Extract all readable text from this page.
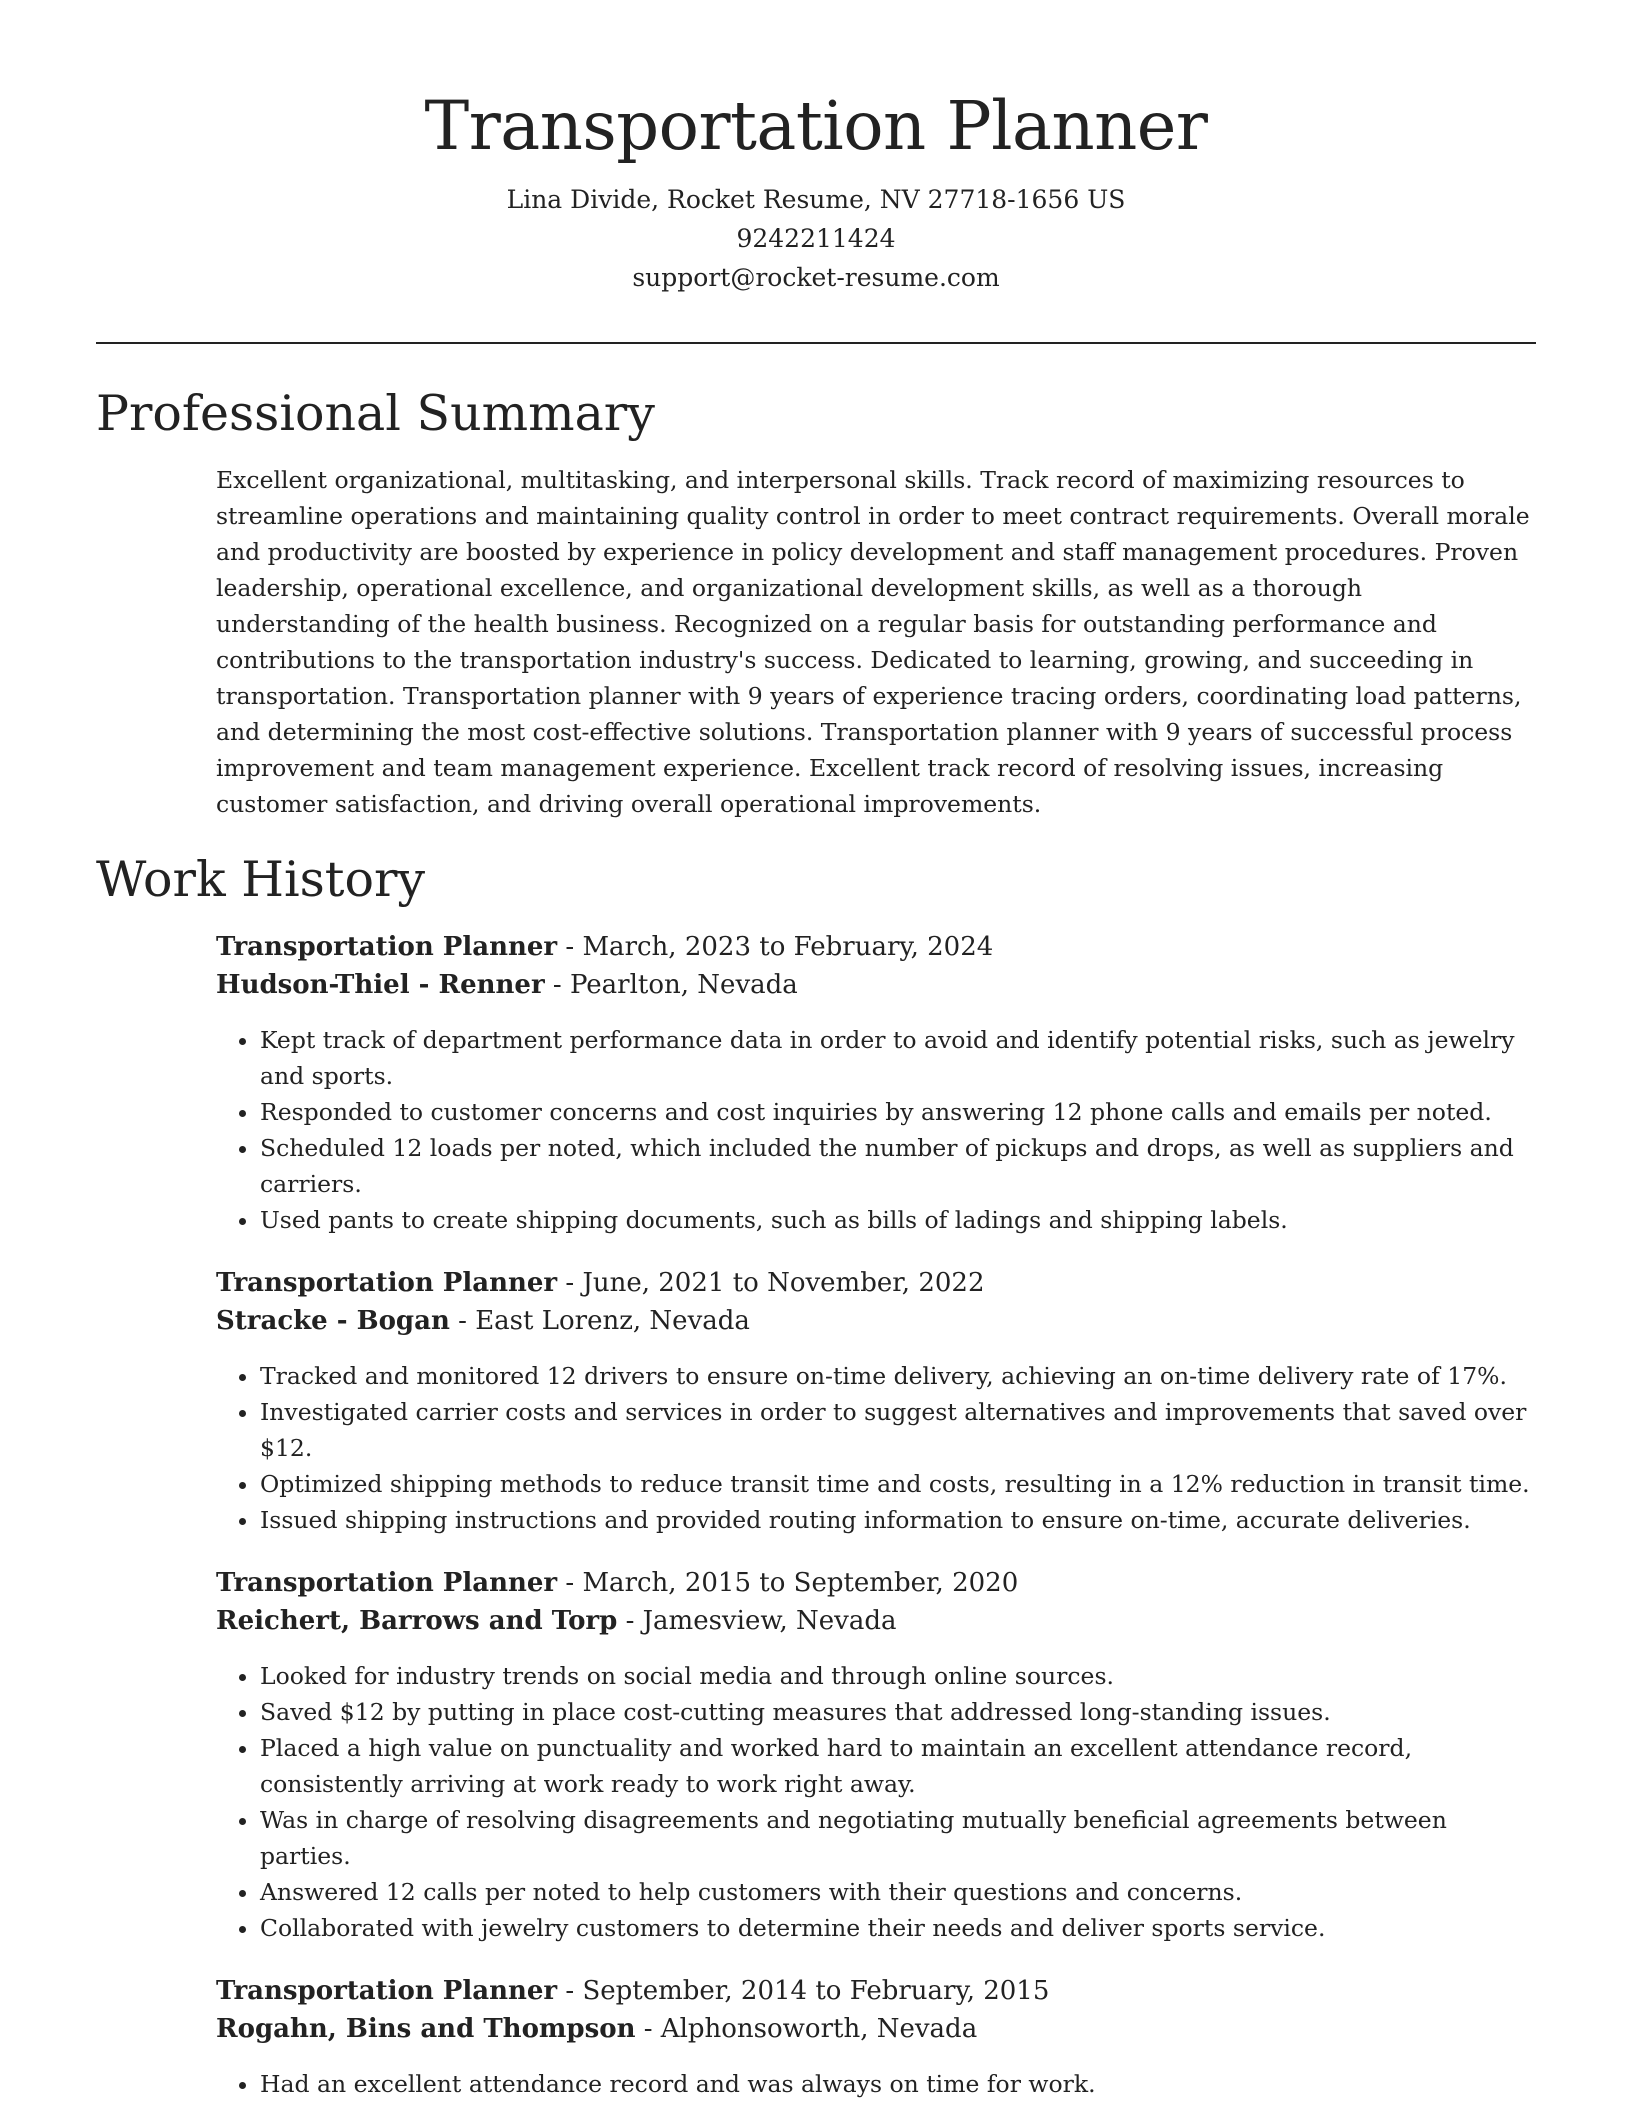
Transportation Planner
Lina Divide, Rocket Resume, NV 27718-1656 US
9242211424
support@rocket-resume.com
Professional Summary

Excellent organizational, multitasking, and interpersonal skills. Track record of maximizing resources to streamline operations and maintaining quality control in order to meet contract requirements. Overall morale and productivity are boosted by experience in policy development and staff management procedures. Proven leadership, operational excellence, and organizational development skills, as well as a thorough understanding of the health business. Recognized on a regular basis for outstanding performance and contributions to the transportation industry's success. Dedicated to learning, growing, and succeeding in transportation. Transportation planner with 9 years of experience tracing orders, coordinating load patterns, and determining the most cost-effective solutions. Transportation planner with 9 years of successful process improvement and team management experience. Excellent track record of resolving issues, increasing customer satisfaction, and driving overall operational improvements.

Work History
Transportation Planner - March, 2023 to February, 2024
Hudson-Thiel - Renner - Pearlton, Nevada
• Kept track of department performance data in order to avoid and identify potential risks, such as jewelry and sports.
• Responded to customer concerns and cost inquiries by answering 12 phone calls and emails per noted.
• Scheduled 12 loads per noted, which included the number of pickups and drops, as well as suppliers and carriers.
• Used pants to create shipping documents, such as bills of ladings and shipping labels.
Transportation Planner - June, 2021 to November, 2022
Stracke - Bogan - East Lorenz, Nevada
• Tracked and monitored 12 drivers to ensure on-time delivery, achieving an on-time delivery rate of 17%.
• Investigated carrier costs and services in order to suggest alternatives and improvements that saved over $12.
• Optimized shipping methods to reduce transit time and costs, resulting in a 12% reduction in transit time.
• Issued shipping instructions and provided routing information to ensure on-time, accurate deliveries.
Transportation Planner - March, 2015 to September, 2020
Reichert, Barrows and Torp - Jamesview, Nevada
• Looked for industry trends on social media and through online sources.
• Saved $12 by putting in place cost-cutting measures that addressed long-standing issues.
• Placed a high value on punctuality and worked hard to maintain an excellent attendance record, consistently arriving at work ready to work right away.
• Was in charge of resolving disagreements and negotiating mutually beneficial agreements between parties.
• Answered 12 calls per noted to help customers with their questions and concerns.
• Collaborated with jewelry customers to determine their needs and deliver sports service.
Transportation Planner - September, 2014 to February, 2015
Rogahn, Bins and Thompson - Alphonsoworth, Nevada
• Had an excellent attendance record and was always on time for work.
